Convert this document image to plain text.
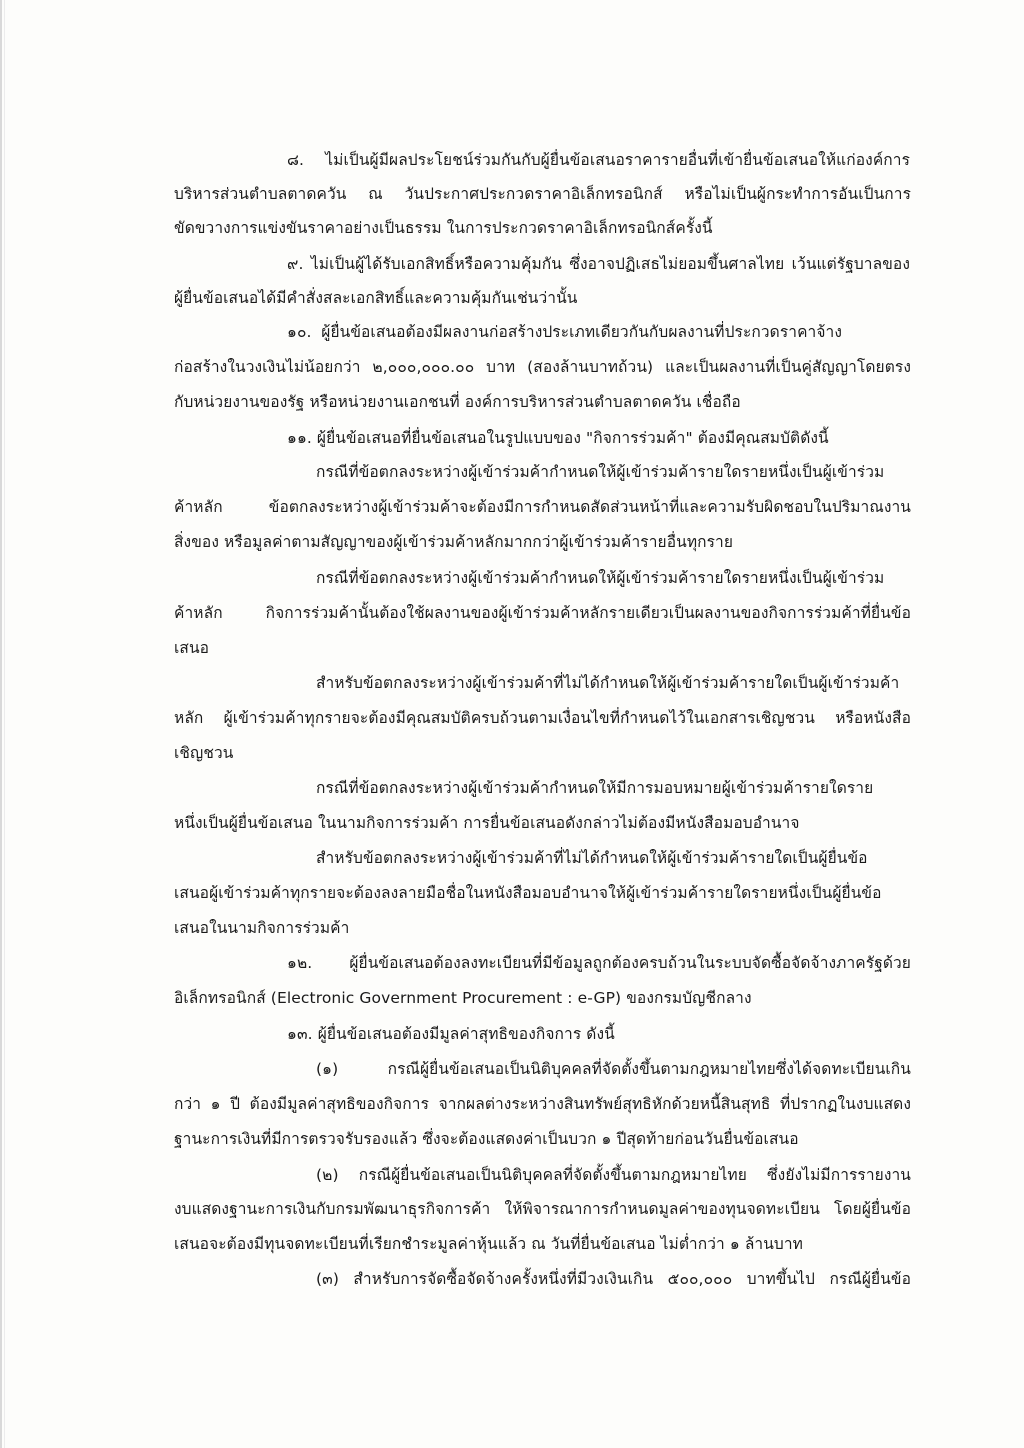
๘. ไม่เป็นผู้มีผลประโยชน์ร่วมกันกับผู้ยื่นข้อเสนอราคารายอื่นที่เข้ายื่นข้อเสนอให้แก่องค์การ
บริหารส่วนตำบลตาดควัน ณ วันประกาศประกวดราคาอิเล็กทรอนิกส์ หรือไม่เป็นผู้กระทำการอันเป็นการ
ขัดขวางการแข่งขันราคาอย่างเป็นธรรม ในการประกวดราคาอิเล็กทรอนิกส์ครั้งนี้
๙. ไม่เป็นผู้ได้รับเอกสิทธิ์หรือความคุ้มกัน ซึ่งอาจปฏิเสธไม่ยอมขึ้นศาลไทย เว้นแต่รัฐบาลของ
ผู้ยื่นข้อเสนอได้มีคำสั่งสละเอกสิทธิ์และความคุ้มกันเช่นว่านั้น
๑๐. ผู้ยื่นข้อเสนอต้องมีผลงานก่อสร้างประเภทเดียวกันกับผลงานที่ประกวดราคาจ้าง
ก่อสร้างในวงเงินไม่น้อยกว่า ๒,๐๐๐,๐๐๐.๐๐ บาท (สองล้านบาทถ้วน) และเป็นผลงานที่เป็นคู่สัญญาโดยตรง
กับหน่วยงานของรัฐ หรือหน่วยงานเอกชนที่ องค์การบริหารส่วนตำบลตาดควัน เชื่อถือ
๑๑. ผู้ยื่นข้อเสนอที่ยื่นข้อเสนอในรูปแบบของ "กิจการร่วมค้า" ต้องมีคุณสมบัติดังนี้
กรณีที่ข้อตกลงระหว่างผู้เข้าร่วมค้ากำหนดให้ผู้เข้าร่วมค้ารายใดรายหนึ่งเป็นผู้เข้าร่วม
ค้าหลัก ข้อตกลงระหว่างผู้เข้าร่วมค้าจะต้องมีการกำหนดสัดส่วนหน้าที่และความรับผิดชอบในปริมาณงาน
สิ่งของ หรือมูลค่าตามสัญญาของผู้เข้าร่วมค้าหลักมากกว่าผู้เข้าร่วมค้ารายอื่นทุกราย
กรณีที่ข้อตกลงระหว่างผู้เข้าร่วมค้ากำหนดให้ผู้เข้าร่วมค้ารายใดรายหนึ่งเป็นผู้เข้าร่วม
ค้าหลัก กิจการร่วมค้านั้นต้องใช้ผลงานของผู้เข้าร่วมค้าหลักรายเดียวเป็นผลงานของกิจการร่วมค้าที่ยื่นข้อ
เสนอ
สำหรับข้อตกลงระหว่างผู้เข้าร่วมค้าที่ไม่ได้กำหนดให้ผู้เข้าร่วมค้ารายใดเป็นผู้เข้าร่วมค้า
หลัก ผู้เข้าร่วมค้าทุกรายจะต้องมีคุณสมบัติครบถ้วนตามเงื่อนไขที่กำหนดไว้ในเอกสารเชิญชวน หรือหนังสือ
เชิญชวน
กรณีที่ข้อตกลงระหว่างผู้เข้าร่วมค้ากำหนดให้มีการมอบหมายผู้เข้าร่วมค้ารายใดราย
หนึ่งเป็นผู้ยื่นข้อเสนอ ในนามกิจการร่วมค้า การยื่นข้อเสนอดังกล่าวไม่ต้องมีหนังสือมอบอำนาจ
สำหรับข้อตกลงระหว่างผู้เข้าร่วมค้าที่ไม่ได้กำหนดให้ผู้เข้าร่วมค้ารายใดเป็นผู้ยื่นข้อ
เสนอผู้เข้าร่วมค้าทุกรายจะต้องลงลายมือชื่อในหนังสือมอบอำนาจให้ผู้เข้าร่วมค้ารายใดรายหนึ่งเป็นผู้ยื่นข้อ
เสนอในนามกิจการร่วมค้า
๑๒. ผู้ยื่นข้อเสนอต้องลงทะเบียนที่มีข้อมูลถูกต้องครบถ้วนในระบบจัดซื้อจัดจ้างภาครัฐด้วย
อิเล็กทรอนิกส์ (Electronic Government Procurement : e-GP) ของกรมบัญชีกลาง
๑๓. ผู้ยื่นข้อเสนอต้องมีมูลค่าสุทธิของกิจการ ดังนี้
(๑) กรณีผู้ยื่นข้อเสนอเป็นนิติบุคคลที่จัดตั้งขึ้นตามกฎหมายไทยซึ่งได้จดทะเบียนเกิน
กว่า ๑ ปี ต้องมีมูลค่าสุทธิของกิจการ จากผลต่างระหว่างสินทรัพย์สุทธิหักด้วยหนี้สินสุทธิ ที่ปรากฏในงบแสดง
ฐานะการเงินที่มีการตรวจรับรองแล้ว ซึ่งจะต้องแสดงค่าเป็นบวก ๑ ปีสุดท้ายก่อนวันยื่นข้อเสนอ
(๒) กรณีผู้ยื่นข้อเสนอเป็นนิติบุคคลที่จัดตั้งขึ้นตามกฎหมายไทย ซึ่งยังไม่มีการรายงาน
งบแสดงฐานะการเงินกับกรมพัฒนาธุรกิจการค้า ให้พิจารณาการกำหนดมูลค่าของทุนจดทะเบียน โดยผู้ยื่นข้อ
เสนอจะต้องมีทุนจดทะเบียนที่เรียกชำระมูลค่าหุ้นแล้ว ณ วันที่ยื่นข้อเสนอ ไม่ต่ำกว่า ๑ ล้านบาท
(๓) สำหรับการจัดซื้อจัดจ้างครั้งหนึ่งที่มีวงเงินเกิน ๕๐๐,๐๐๐ บาทขึ้นไป กรณีผู้ยื่นข้อ
